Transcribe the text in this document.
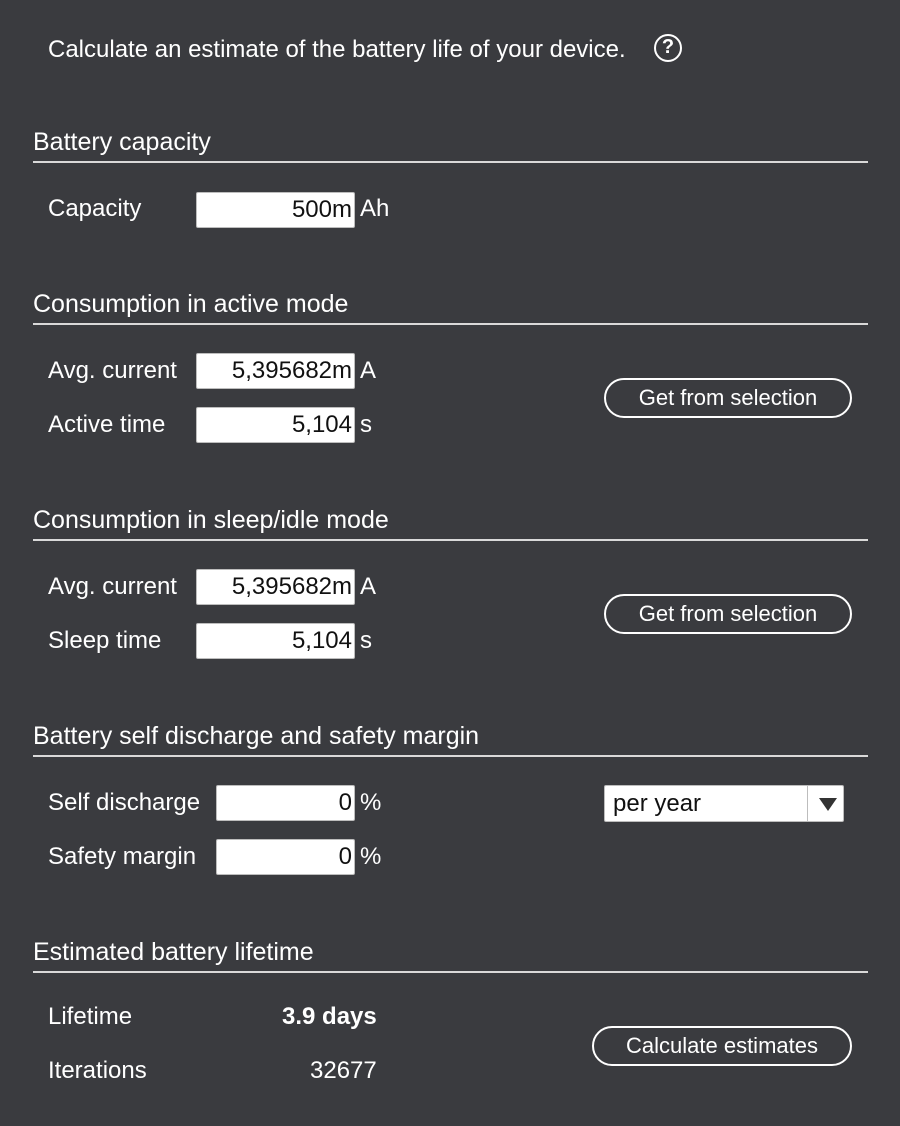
Calculate an estimate of the battery life of your device.	?
Battery capacity
Capacity	500m Ah
Consumption in active mode
Avg. current	5,395682m A
Active time	5,104 s
Get from selection
Consumption in sleep/idle mode
Avg. current	5,395682m A
Sleep time	5,104 s
Get from selection
Battery self discharge and safety margin
Self discharge	0 %
Safety margin	0 %
per year
Estimated battery lifetime
Lifetime	3.9 days
Iterations	32677
Calculate estimates
